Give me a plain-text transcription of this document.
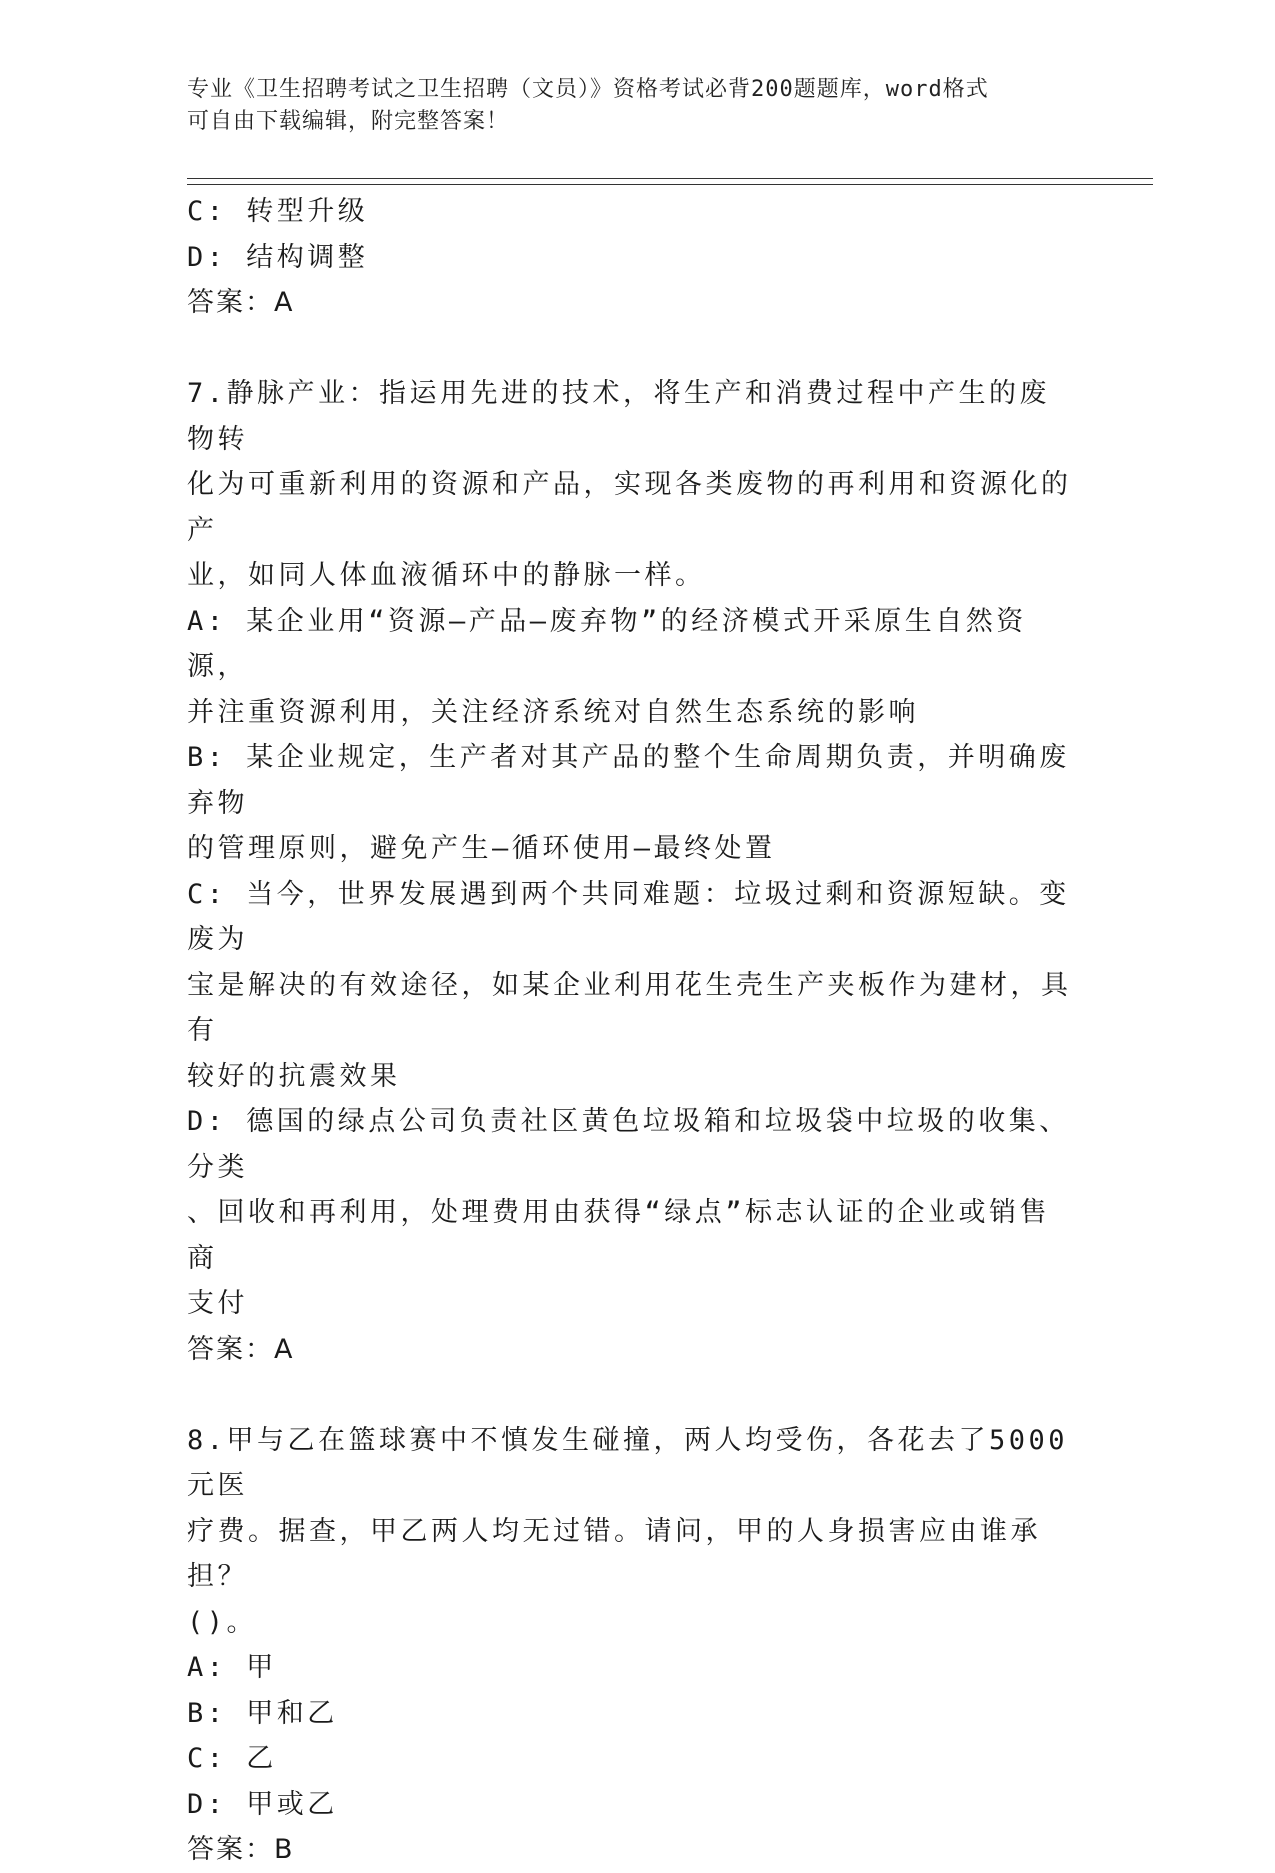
专业《卫生招聘考试之卫生招聘（文员）》资格考试必背200题题库，word格式
可自由下载编辑，附完整答案！
C: 转型升级
D: 结构调整
答案：A
7.静脉产业：指运用先进的技术，将生产和消费过程中产生的废物转
化为可重新利用的资源和产品，实现各类废物的再利用和资源化的产
业，如同人体血液循环中的静脉一样。
A: 某企业用“资源—产品—废弃物”的经济模式开采原生自然资源，
并注重资源利用，关注经济系统对自然生态系统的影响
B: 某企业规定，生产者对其产品的整个生命周期负责，并明确废弃物
的管理原则，避免产生—循环使用—最终处置
C: 当今，世界发展遇到两个共同难题：垃圾过剩和资源短缺。变废为
宝是解决的有效途径，如某企业利用花生壳生产夹板作为建材，具有
较好的抗震效果
D: 德国的绿点公司负责社区黄色垃圾箱和垃圾袋中垃圾的收集、分类
、回收和再利用，处理费用由获得“绿点”标志认证的企业或销售商
支付
答案：A
8.甲与乙在篮球赛中不慎发生碰撞，两人均受伤，各花去了5000元医
疗费。据查，甲乙两人均无过错。请问，甲的人身损害应由谁承担？
()。
A: 甲
B: 甲和乙
C: 乙
D: 甲或乙
答案：B
